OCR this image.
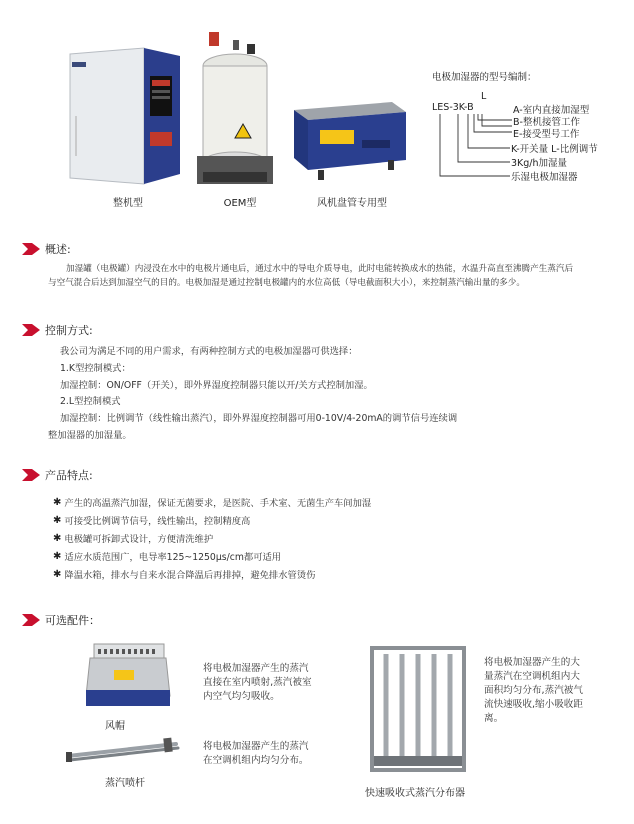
整机型	OEM型	风机盘管专用型
电极加湿器的型号编制：
L
LES-3K-B	A-室内直接加湿型
B-整机接管工作
E-接受型号工作
K-开关量 L-比例调节
3Kg/h加湿量
乐湿电极加湿器
概述:
加湿罐（电极罐）内浸没在水中的电极片通电后，通过水中的导电介质导电，此时电能转换成水的热能，水温升高直至沸腾产生蒸汽后与空气混合后达到加湿空气的目的。电极加湿是通过控制电极罐内的水位高低（导电截面积大小），来控制蒸汽输出量的多少。
控制方式:
我公司为满足不同的用户需求，有两种控制方式的电极加湿器可供选择：
1.K型控制模式：
加湿控制：ON/OFF（开关），即外界湿度控制器只能以开/关方式控制加湿。
2.L型控制模式
加湿控制：比例调节（线性输出蒸汽），即外界湿度控制器可用0-10V/4-20mA的调节信号连续调
整加湿器的加湿量。
产品特点:
✱ 产生的高温蒸汽加湿，保证无菌要求，是医院、手术室、无菌生产车间加湿
✱ 可接受比例调节信号，线性输出，控制精度高
✱ 电极罐可拆卸式设计，方便清洗维护
✱ 适应水质范围广，电导率125~1250μs/cm都可适用
✱ 降温水箱，排水与自来水混合降温后再排掉，避免排水管烫伤
可选配件：
风帽
将电极加湿器产生的蒸汽
直接在室内喷射,蒸汽被室
内空气均匀吸收。
蒸汽喷杆
将电极加湿器产生的蒸汽
在空调机组内均匀分布。
快速吸收式蒸汽分布器
将电极加湿器产生的大
量蒸汽在空调机组内大
面积均匀分布,蒸汽被气
流快速吸收,缩小吸收距
离。
